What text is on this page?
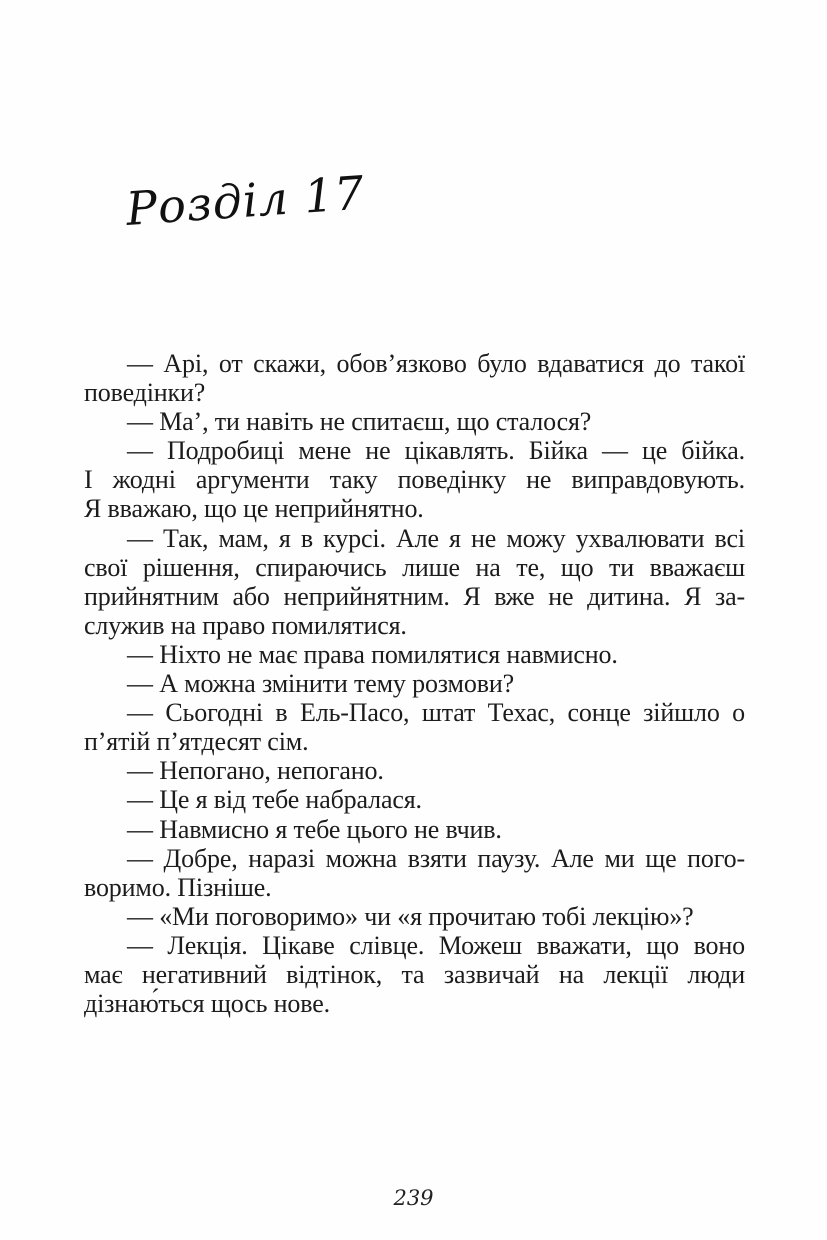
Розділ 17
— Арі, от скажи, обов’язково було вдаватися до такої
поведінки?
— Ма’, ти навіть не спитаєш, що сталося?
— Подробиці мене не цікавлять. Бійка — це бійка.
І жодні аргументи таку поведінку не виправдовують.
Я вважаю, що це неприйнятно.
— Так, мам, я в курсі. Але я не можу ухвалювати всі
свої рішення, спираючись лише на те, що ти вважаєш
прийнятним або неприйнятним. Я вже не дитина. Я за-
служив на право помилятися.
— Ніхто не має права помилятися навмисно.
— А можна змінити тему розмови?
— Сьогодні в Ель-Пасо, штат Техас, сонце зійшло о
п’ятій п’ятдесят сім.
— Непогано, непогано.
— Це я від тебе набралася.
— Навмисно я тебе цього не вчив.
— Добре, наразі можна взяти паузу. Але ми ще пого-
воримо. Пізніше.
— «Ми поговоримо» чи «я прочитаю тобі лекцію»?
— Лекція. Цікаве слівце. Можеш вважати, що воно
має негативний відтінок, та зазвичай на лекції люди
дізнаю́ться щось нове.
239
